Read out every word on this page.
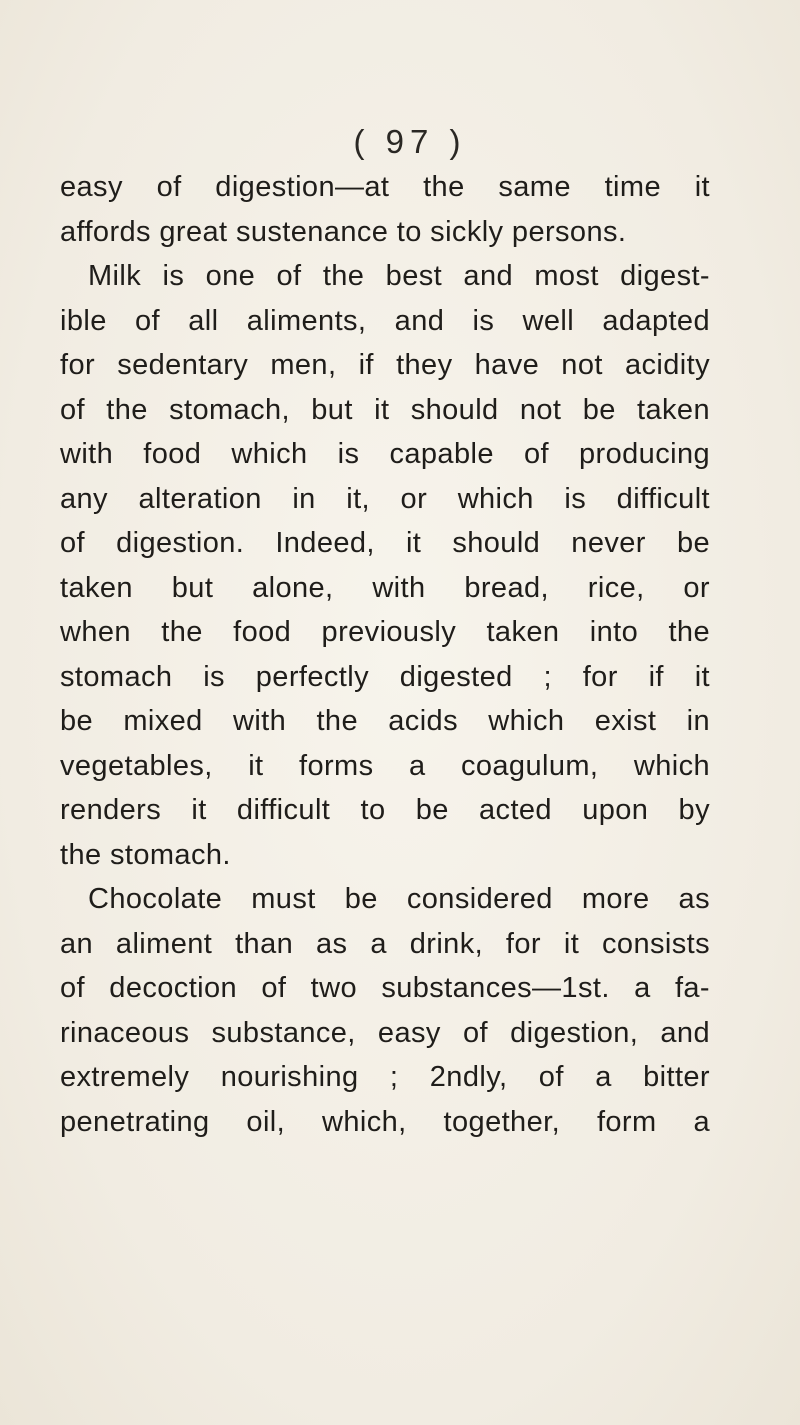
( 97 )
easy of digestion—at the same time it
affords great sustenance to sickly persons.
Milk is one of the best and most digest-
ible of all aliments, and is well adapted
for sedentary men, if they have not acidity
of the stomach, but it should not be taken
with food which is capable of producing
any alteration in it, or which is difficult
of digestion. Indeed, it should never be
taken but alone, with bread, rice, or
when the food previously taken into the
stomach is perfectly digested ; for if it
be mixed with the acids which exist in
vegetables, it forms a coagulum, which
renders it difficult to be acted upon by
the stomach.
Chocolate must be considered more as
an aliment than as a drink, for it consists
of decoction of two substances—1st. a fa-
rinaceous substance, easy of digestion, and
extremely nourishing ; 2ndly, of a bitter
penetrating oil, which, together, form a
